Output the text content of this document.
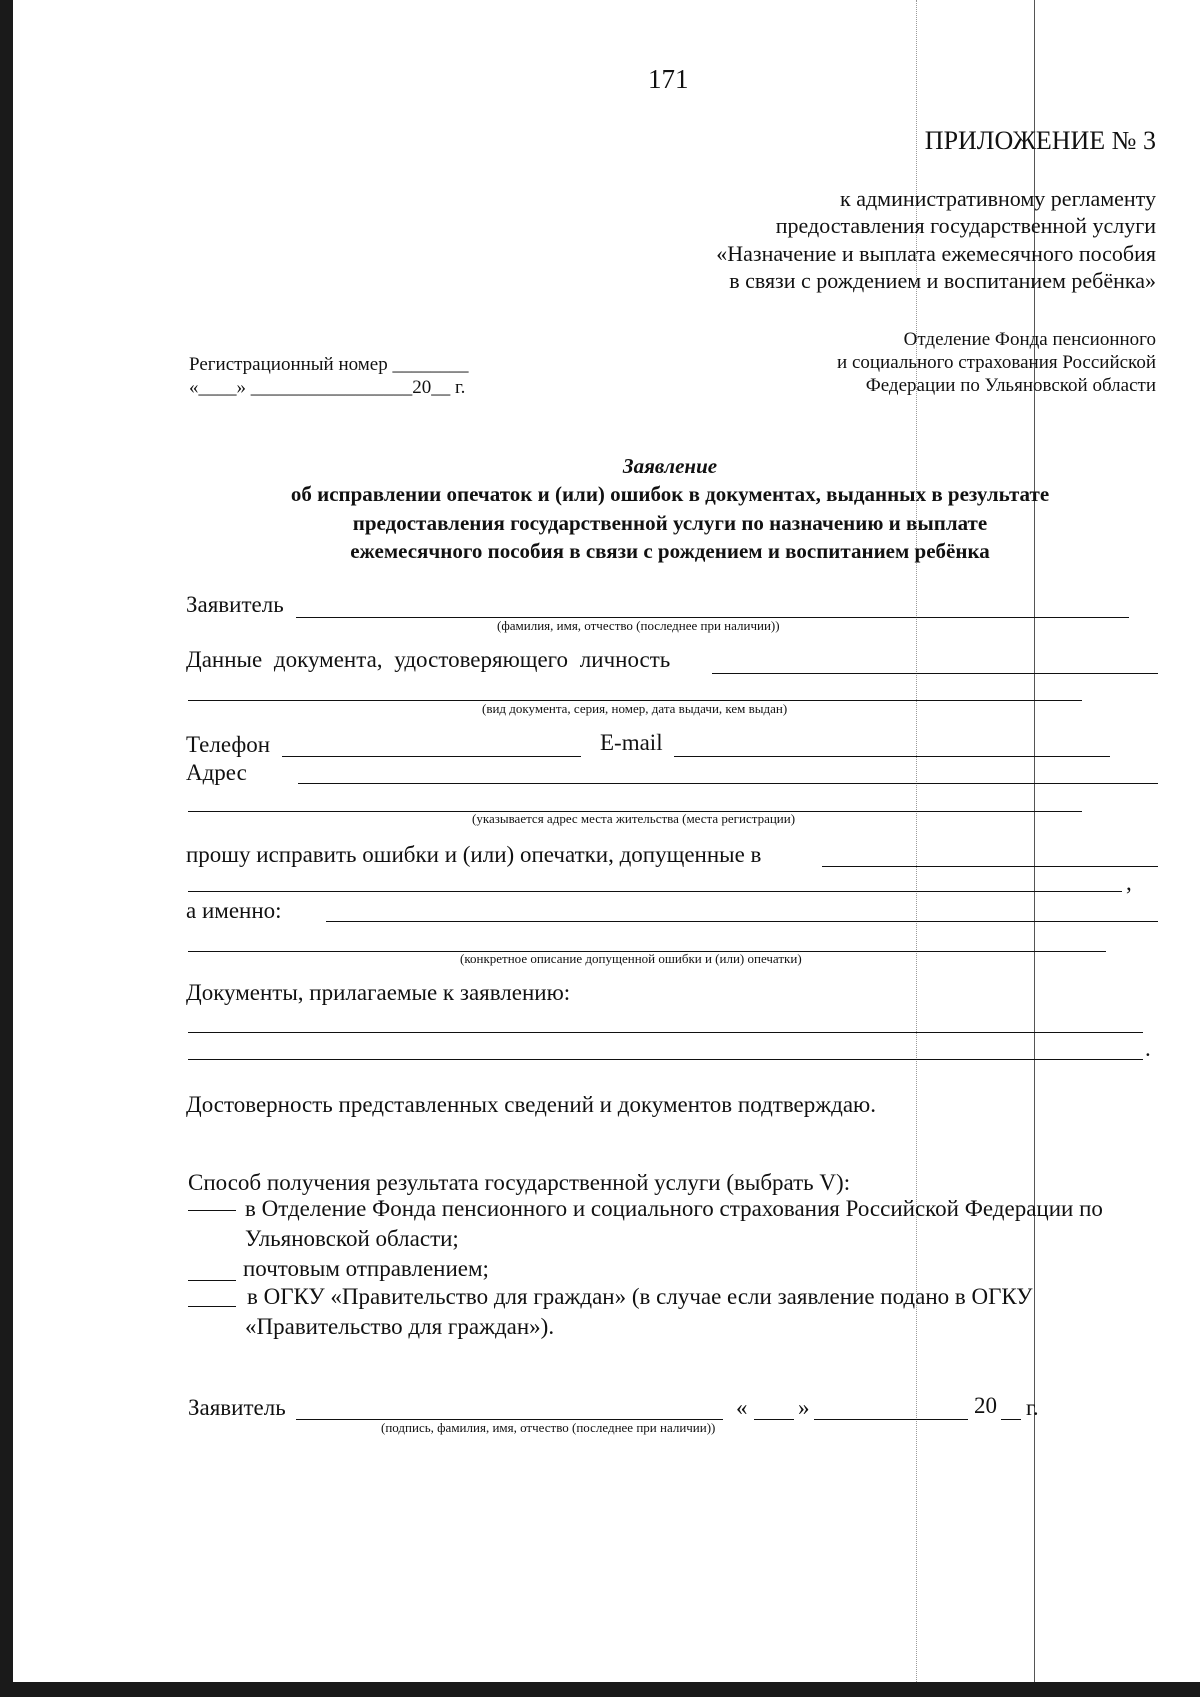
171
ПРИЛОЖЕНИЕ № 3
к административному регламенту
предоставления государственной услуги
«Назначение и выплата ежемесячного пособия
в связи с рождением и воспитанием ребёнка»
Отделение Фонда пенсионного
и социального страхования Российской
Федерации по Ульяновской области
Регистрационный номер ________
«____» _________________20__ г.
Заявление
об исправлении опечаток и (или) ошибок в документах, выданных в результате
предоставления государственной услуги по назначению и выплате
ежемесячного пособия в связи с рождением и воспитанием ребёнка
Заявитель
(фамилия, имя, отчество (последнее при наличии))
Данные документа, удостоверяющего личность
(вид документа, серия, номер, дата выдачи, кем выдан)
Телефон	E-mail
Адрес
(указывается адрес места жительства (места регистрации)
прошу исправить ошибки и (или) опечатки, допущенные в
,
а именно:
(конкретное описание допущенной ошибки и (или) опечатки)
Документы, прилагаемые к заявлению:
.
Достоверность представленных сведений и документов подтверждаю.
Способ получения результата государственной услуги (выбрать V):
в Отделение Фонда пенсионного и социального страхования Российской Федерации по
Ульяновской области;
почтовым отправлением;
в ОГКУ «Правительство для граждан» (в случае если заявление подано в ОГКУ
«Правительство для граждан»).
Заявитель
(подпись, фамилия, имя, отчество (последнее при наличии))
« »	20 г.
